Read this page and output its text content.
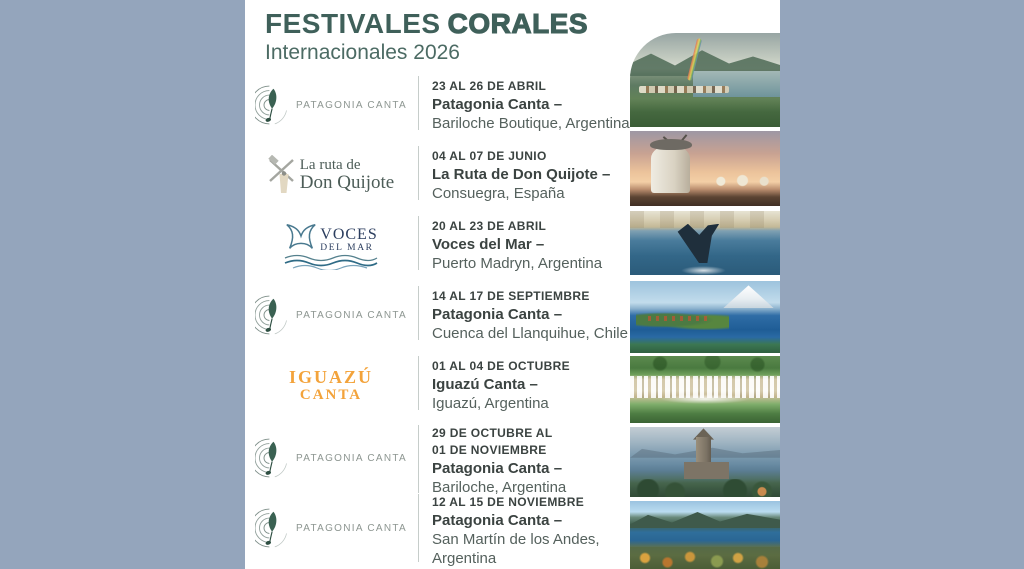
FESTIVALES CORALES
Internacionales 2026
PATAGONIA CANTA
23 AL 26 DE ABRIL
Patagonia Canta –
Bariloche Boutique, Argentina
La ruta de
Don Quijote
04 AL 07 DE JUNIO
La Ruta de Don Quijote –
Consuegra, España
VOCES
DEL MAR
20 AL 23 DE ABRIL
Voces del Mar –
Puerto Madryn, Argentina
PATAGONIA CANTA
14 AL 17 DE SEPTIEMBRE
Patagonia Canta –
Cuenca del Llanquihue, Chile
IGUAZÚ
CANTA
01 AL 04 DE OCTUBRE
Iguazú Canta –
Iguazú, Argentina
PATAGONIA CANTA
29 DE OCTUBRE AL
01 DE NOVIEMBRE
Patagonia Canta –
Bariloche, Argentina
PATAGONIA CANTA
12 AL 15 DE NOVIEMBRE
Patagonia Canta –
San Martín de los Andes,
Argentina
